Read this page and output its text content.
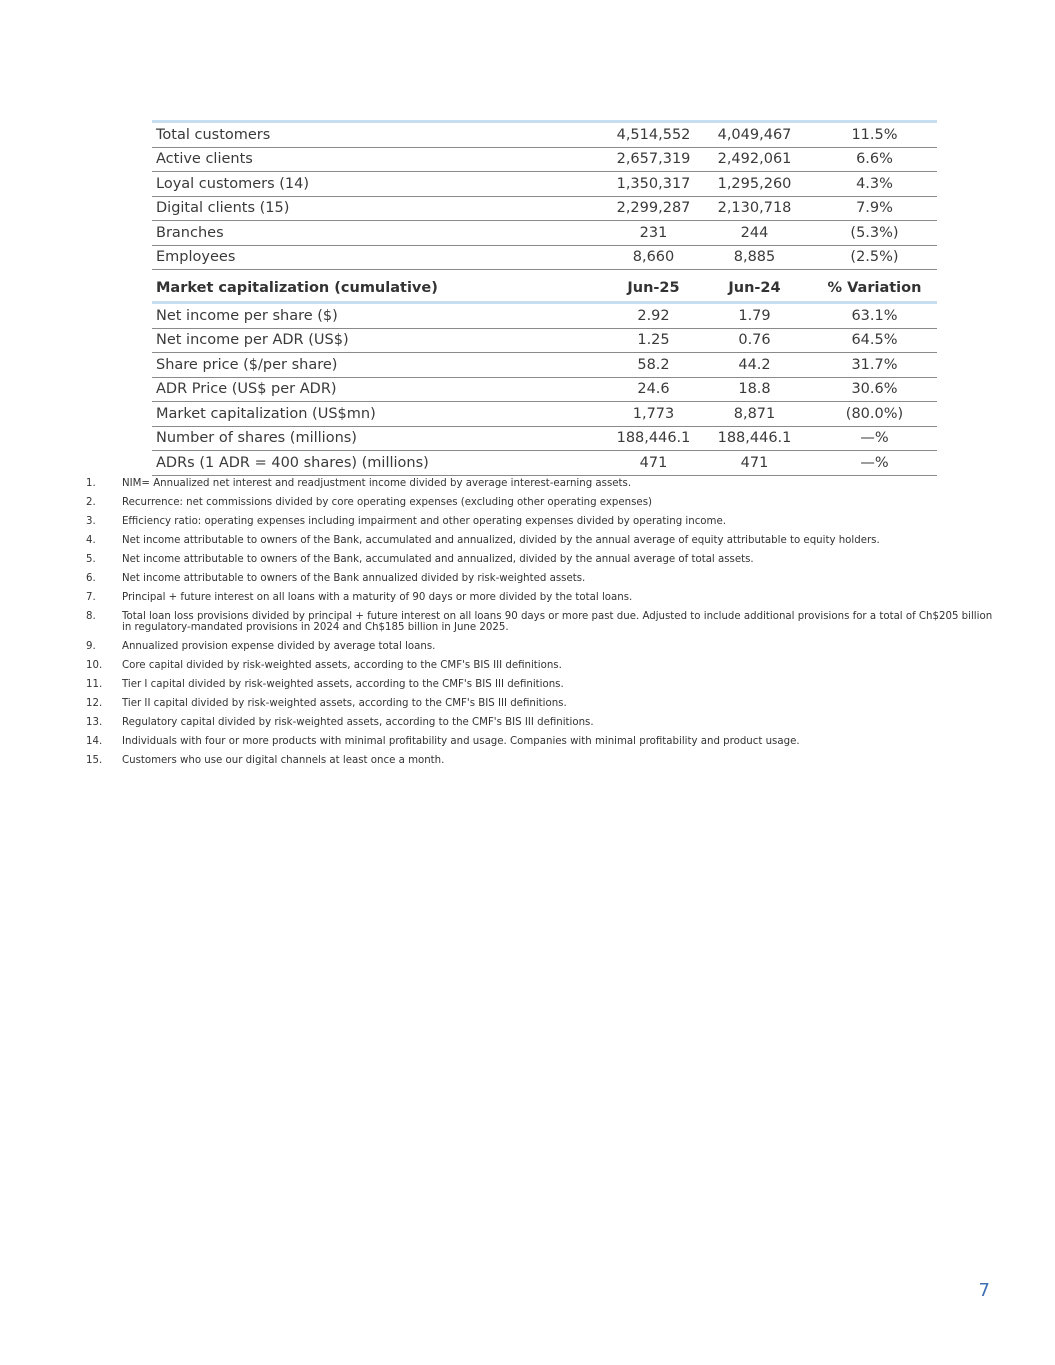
Total customers	4,514,552	4,049,467	11.5%
Active clients	2,657,319	2,492,061	6.6%
Loyal customers (14)	1,350,317	1,295,260	4.3%
Digital clients (15)	2,299,287	2,130,718	7.9%
Branches	231	244	(5.3%)
Employees	8,660	8,885	(2.5%)
Market capitalization (cumulative)	Jun-25	Jun-24	% Variation
Net income per share ($)	2.92	1.79	63.1%
Net income per ADR (US$)	1.25	0.76	64.5%
Share price ($/per share)	58.2	44.2	31.7%
ADR Price (US$ per ADR)	24.6	18.8	30.6%
Market capitalization (US$mn)	1,773	8,871	(80.0%)
Number of shares (millions)	188,446.1	188,446.1	—%
ADRs (1 ADR = 400 shares) (millions)	471	471	—%
1.	NIM= Annualized net interest and readjustment income divided by average interest-earning assets.
2.	Recurrence: net commissions divided by core operating expenses (excluding other operating expenses)
3.	Efficiency ratio: operating expenses including impairment and other operating expenses divided by operating income.
4.	Net income attributable to owners of the Bank, accumulated and annualized, divided by the annual average of equity attributable to equity holders.
5.	Net income attributable to owners of the Bank, accumulated and annualized, divided by the annual average of total assets.
6.	Net income attributable to owners of the Bank annualized divided by risk-weighted assets.
7.	Principal + future interest on all loans with a maturity of 90 days or more divided by the total loans.
8.	Total loan loss provisions divided by principal + future interest on all loans 90 days or more past due. Adjusted to include additional provisions for a total of Ch$205 billion in regulatory-mandated provisions in 2024 and Ch$185 billion in June 2025.
9.	Annualized provision expense divided by average total loans.
10.	Core capital divided by risk-weighted assets, according to the CMF's BIS III definitions.
11.	Tier I capital divided by risk-weighted assets, according to the CMF's BIS III definitions.
12.	Tier II capital divided by risk-weighted assets, according to the CMF's BIS III definitions.
13.	Regulatory capital divided by risk-weighted assets, according to the CMF's BIS III definitions.
14.	Individuals with four or more products with minimal profitability and usage. Companies with minimal profitability and product usage.
15.	Customers who use our digital channels at least once a month.
7
